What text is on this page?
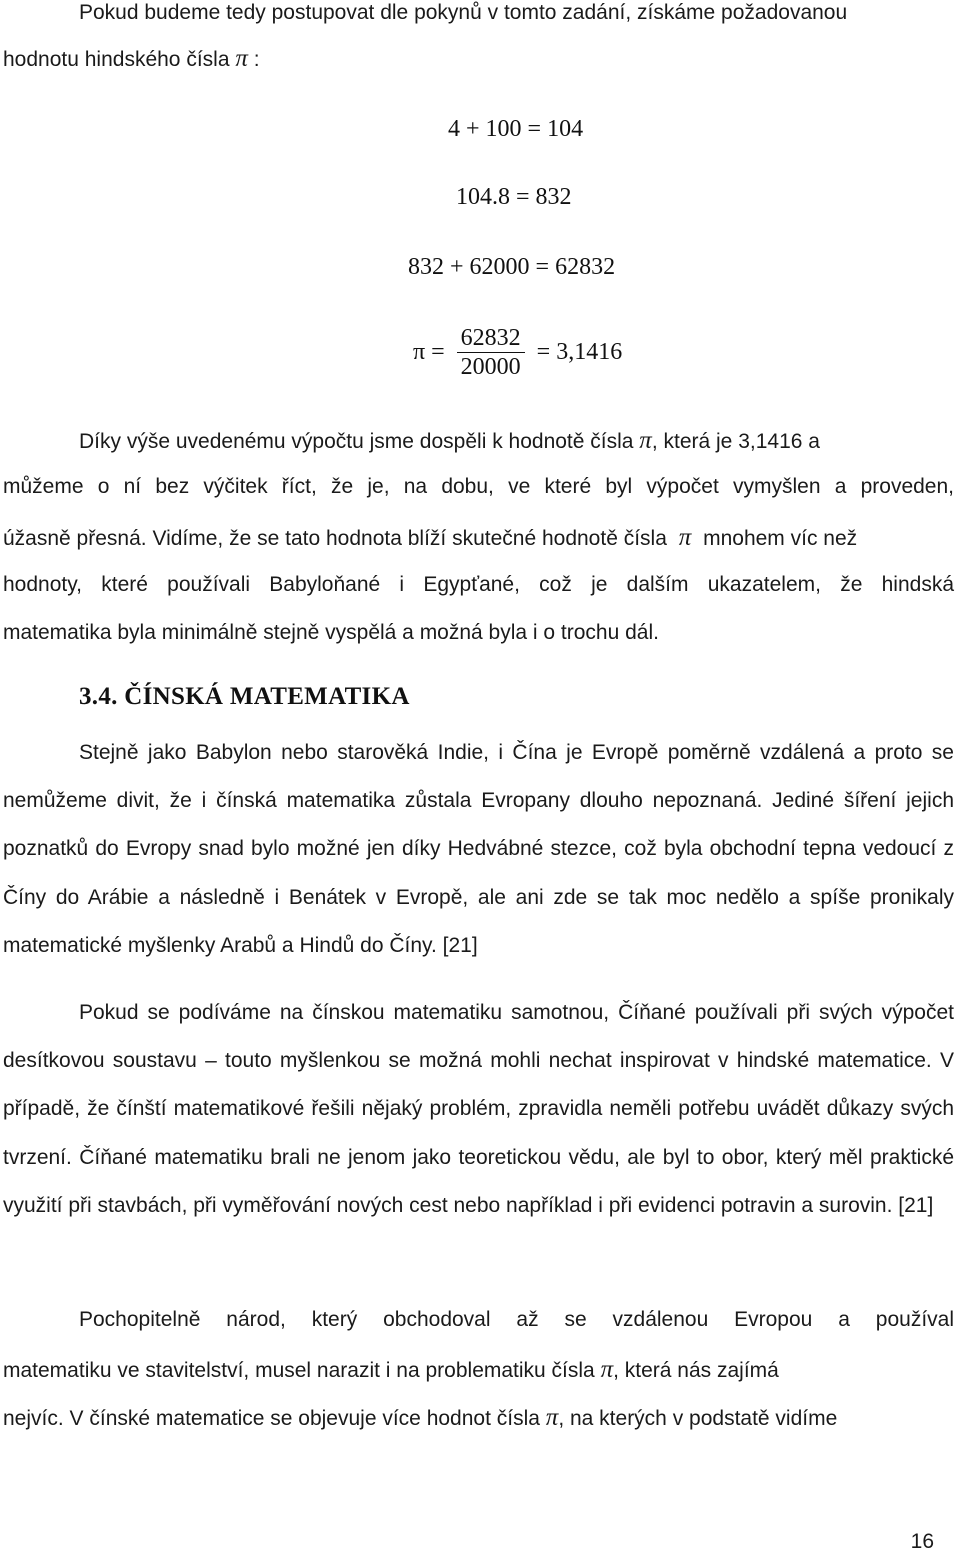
Pokud budeme tedy postupovat dle pokynů v tomto zadání, získáme požadovanou
hodnotu hindského čísla π :
4 + 100 = 104
104.8 = 832
832 + 62000 = 62832
$\pi = \frac{62832}{20000} = 3,1416$
Díky výše uvedenému výpočtu jsme dospěli k hodnotě čísla π, která je 3,1416 a
můžeme o ní bez výčitek říct, že je, na dobu, ve které byl výpočet vymyšlen a proveden,
úžasně přesná. Vidíme, že se tato hodnota blíží skutečné hodnotě čísla π mnohem víc než
hodnoty, které používali Babyloňané i Egypťané, což je dalším ukazatelem, že hindská
matematika byla minimálně stejně vyspělá a možná byla i o trochu dál.
3.4. ČÍNSKÁ MATEMATIKA

Stejně jako Babylon nebo starověká Indie, i Čína je Evropě poměrně vzdálená a proto se nemůžeme divit, že i čínská matematika zůstala Evropany dlouho nepoznaná. Jediné šíření jejich poznatků do Evropy snad bylo možné jen díky Hedvábné stezce, což byla obchodní tepna vedoucí z Číny do Arábie a následně i Benátek v Evropě, ale ani zde se tak moc nedělo a spíše pronikaly matematické myšlenky Arabů a Hindů do Číny. [21]

Pokud se podíváme na čínskou matematiku samotnou, Číňané používali při svých výpočet desítkovou soustavu – touto myšlenkou se možná mohli nechat inspirovat v hindské matematice. V případě, že čínští matematikové řešili nějaký problém, zpravidla neměli potřebu uvádět důkazy svých tvrzení. Číňané matematiku brali ne jenom jako teoretickou vědu, ale byl to obor, který měl praktické využití při stavbách, při vyměřování nových cest nebo například i při evidenci potravin a surovin. [21]

Pochopitelně národ, který obchodoval až se vzdálenou Evropou a používal
matematiku ve stavitelství, musel narazit i na problematiku čísla π, která nás zajímá
nejvíc. V čínské matematice se objevuje více hodnot čísla π, na kterých v podstatě vidíme
16
